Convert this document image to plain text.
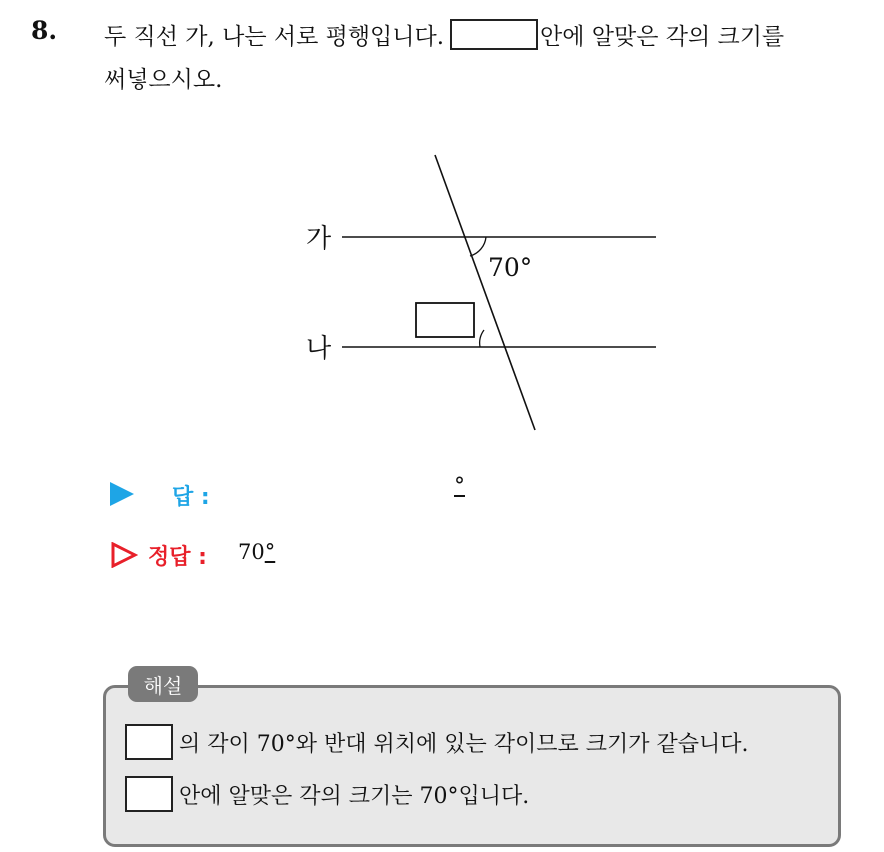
8. 두 직선 가, 나는 서로 평행입니다.	안에 알맞은 각의 크기를
써넣으시오.
가
나
70°
답 :	°
정답 : 70°
해설
의 각이 70°와 반대 위치에 있는 각이므로 크기가 같습니다.
안에 알맞은 각의 크기는 70°입니다.
